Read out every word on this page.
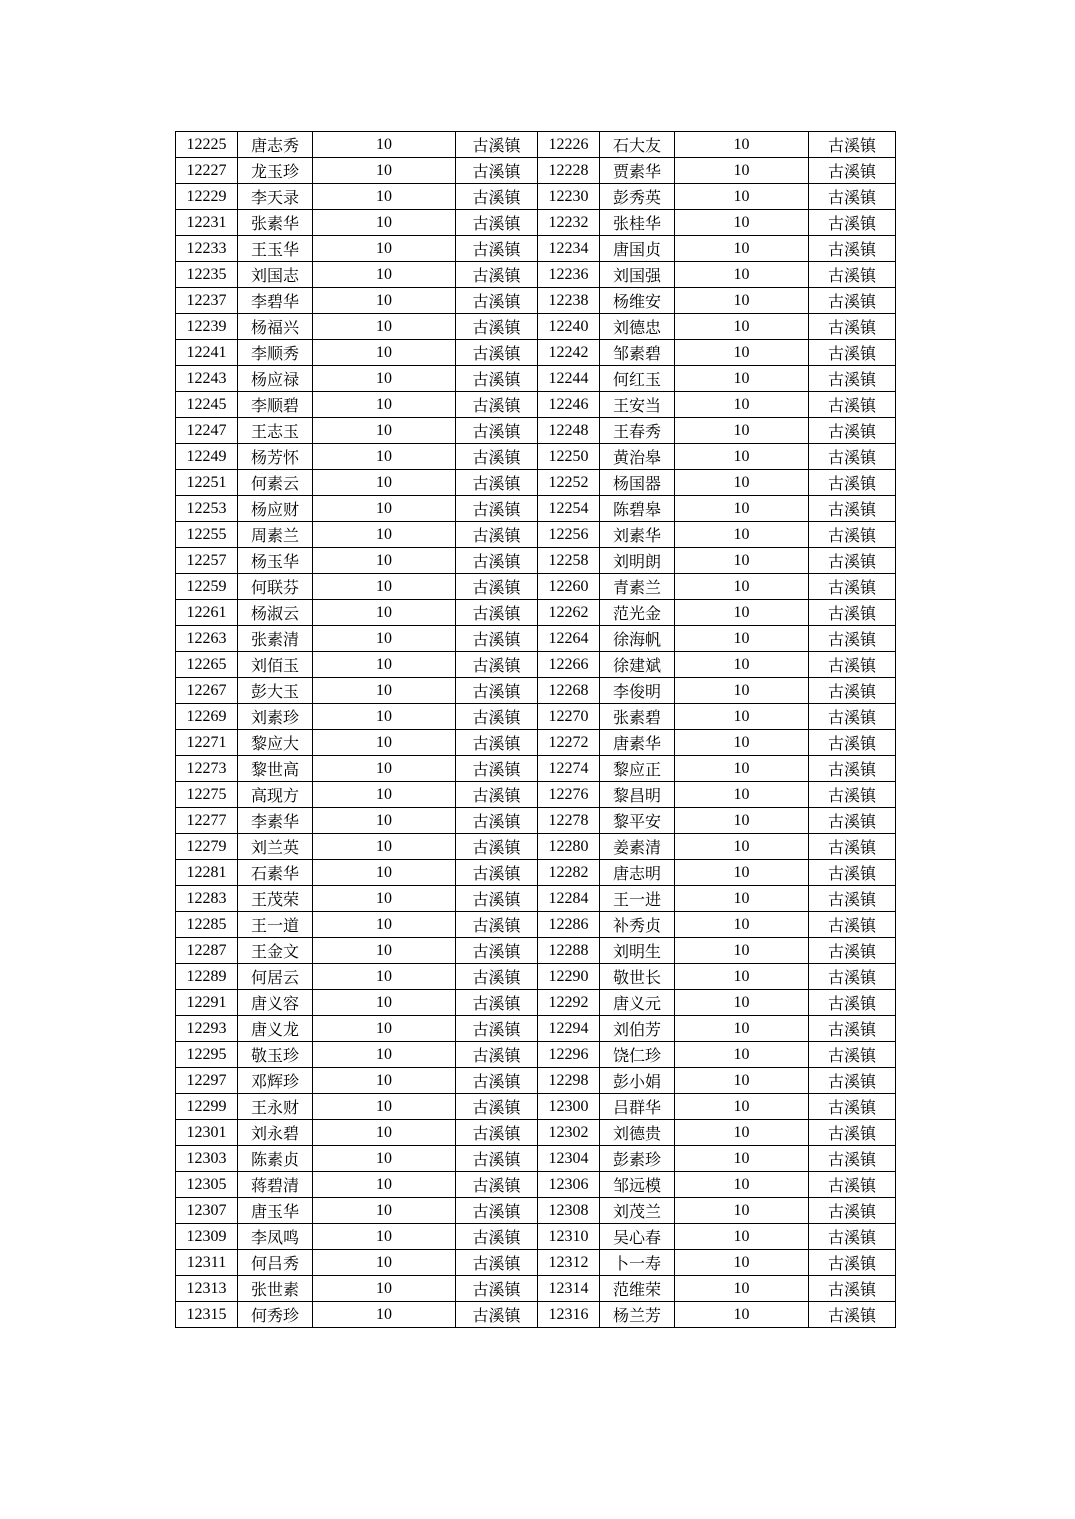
12225	唐志秀	10	古溪镇	12226	石大友	10	古溪镇
12227	龙玉珍	10	古溪镇	12228	贾素华	10	古溪镇
12229	李天录	10	古溪镇	12230	彭秀英	10	古溪镇
12231	张素华	10	古溪镇	12232	张桂华	10	古溪镇
12233	王玉华	10	古溪镇	12234	唐国贞	10	古溪镇
12235	刘国志	10	古溪镇	12236	刘国强	10	古溪镇
12237	李碧华	10	古溪镇	12238	杨维安	10	古溪镇
12239	杨福兴	10	古溪镇	12240	刘德忠	10	古溪镇
12241	李顺秀	10	古溪镇	12242	邹素碧	10	古溪镇
12243	杨应禄	10	古溪镇	12244	何红玉	10	古溪镇
12245	李顺碧	10	古溪镇	12246	王安当	10	古溪镇
12247	王志玉	10	古溪镇	12248	王春秀	10	古溪镇
12249	杨芳怀	10	古溪镇	12250	黄治皋	10	古溪镇
12251	何素云	10	古溪镇	12252	杨国器	10	古溪镇
12253	杨应财	10	古溪镇	12254	陈碧皋	10	古溪镇
12255	周素兰	10	古溪镇	12256	刘素华	10	古溪镇
12257	杨玉华	10	古溪镇	12258	刘明朗	10	古溪镇
12259	何联芬	10	古溪镇	12260	青素兰	10	古溪镇
12261	杨淑云	10	古溪镇	12262	范光金	10	古溪镇
12263	张素清	10	古溪镇	12264	徐海帆	10	古溪镇
12265	刘佰玉	10	古溪镇	12266	徐建斌	10	古溪镇
12267	彭大玉	10	古溪镇	12268	李俊明	10	古溪镇
12269	刘素珍	10	古溪镇	12270	张素碧	10	古溪镇
12271	黎应大	10	古溪镇	12272	唐素华	10	古溪镇
12273	黎世高	10	古溪镇	12274	黎应正	10	古溪镇
12275	高现方	10	古溪镇	12276	黎昌明	10	古溪镇
12277	李素华	10	古溪镇	12278	黎平安	10	古溪镇
12279	刘兰英	10	古溪镇	12280	姜素清	10	古溪镇
12281	石素华	10	古溪镇	12282	唐志明	10	古溪镇
12283	王茂荣	10	古溪镇	12284	王一进	10	古溪镇
12285	王一道	10	古溪镇	12286	补秀贞	10	古溪镇
12287	王金文	10	古溪镇	12288	刘明生	10	古溪镇
12289	何居云	10	古溪镇	12290	敬世长	10	古溪镇
12291	唐义容	10	古溪镇	12292	唐义元	10	古溪镇
12293	唐义龙	10	古溪镇	12294	刘伯芳	10	古溪镇
12295	敬玉珍	10	古溪镇	12296	饶仁珍	10	古溪镇
12297	邓辉珍	10	古溪镇	12298	彭小娟	10	古溪镇
12299	王永财	10	古溪镇	12300	吕群华	10	古溪镇
12301	刘永碧	10	古溪镇	12302	刘德贵	10	古溪镇
12303	陈素贞	10	古溪镇	12304	彭素珍	10	古溪镇
12305	蒋碧清	10	古溪镇	12306	邹远模	10	古溪镇
12307	唐玉华	10	古溪镇	12308	刘茂兰	10	古溪镇
12309	李凤鸣	10	古溪镇	12310	吴心春	10	古溪镇
12311	何吕秀	10	古溪镇	12312	卜一寿	10	古溪镇
12313	张世素	10	古溪镇	12314	范维荣	10	古溪镇
12315	何秀珍	10	古溪镇	12316	杨兰芳	10	古溪镇
